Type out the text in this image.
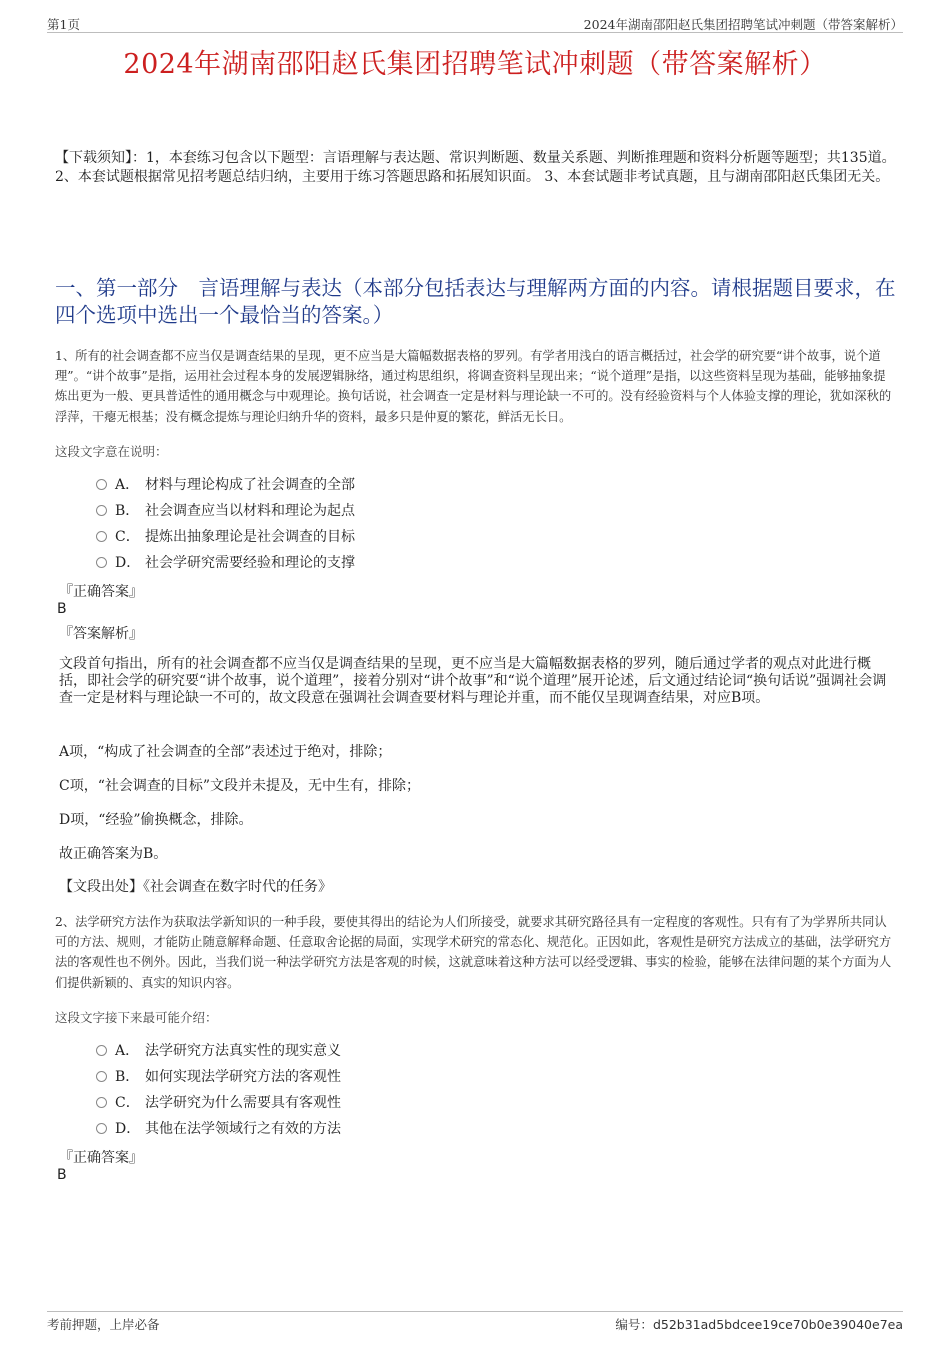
第1页	2024年湖南邵阳赵氏集团招聘笔试冲刺题（带答案解析）
2024年湖南邵阳赵氏集团招聘笔试冲刺题（带答案解析）
【下载须知】：1，本套练习包含以下题型：言语理解与表达题、常识判断题、数量关系题、判断推理题和资料分析题等题型；共135道。 2、本套试题根据常见招考题总结归纳，主要用于练习答题思路和拓展知识面。 3、本套试题非考试真题，且与湖南邵阳赵氏集团无关。
一、第一部分　言语理解与表达（本部分包括表达与理解两方面的内容。请根据题目要求，在四个选项中选出一个最恰当的答案。）
1、所有的社会调查都不应当仅是调查结果的呈现，更不应当是大篇幅数据表格的罗列。有学者用浅白的语言概括过，社会学的研究要“讲个故事，说个道理”。“讲个故事”是指，运用社会过程本身的发展逻辑脉络，通过构思组织，将调查资料呈现出来；“说个道理”是指，以这些资料呈现为基础，能够抽象提炼出更为一般、更具普适性的通用概念与中观理论。换句话说，社会调查一定是材料与理论缺一不可的。没有经验资料与个人体验支撑的理论，犹如深秋的浮萍，干瘪无根基；没有概念提炼与理论归纳升华的资料，最多只是仲夏的繁花，鲜活无长日。
这段文字意在说明：
A． 材料与理论构成了社会调查的全部
B． 社会调查应当以材料和理论为起点
C． 提炼出抽象理论是社会调查的目标
D． 社会学研究需要经验和理论的支撑
『正确答案』
B
『答案解析』
文段首句指出，所有的社会调查都不应当仅是调查结果的呈现，更不应当是大篇幅数据表格的罗列，随后通过学者的观点对此进行概括，即社会学的研究要“讲个故事，说个道理”，接着分别对“讲个故事”和“说个道理”展开论述，后文通过结论词“换句话说”强调社会调查一定是材料与理论缺一不可的，故文段意在强调社会调查要材料与理论并重，而不能仅呈现调查结果，对应B项。
A项，“构成了社会调查的全部”表述过于绝对，排除；
C项，“社会调查的目标”文段并未提及，无中生有，排除；
D项，“经验”偷换概念，排除。
故正确答案为B。
【文段出处】《社会调查在数字时代的任务》
2、法学研究方法作为获取法学新知识的一种手段，要使其得出的结论为人们所接受，就要求其研究路径具有一定程度的客观性。只有有了为学界所共同认可的方法、规则，才能防止随意解释命题、任意取舍论据的局面，实现学术研究的常态化、规范化。正因如此，客观性是研究方法成立的基础，法学研究方法的客观性也不例外。因此，当我们说一种法学研究方法是客观的时候，这就意味着这种方法可以经受逻辑、事实的检验，能够在法律问题的某个方面为人们提供新颖的、真实的知识内容。
这段文字接下来最可能介绍：
A． 法学研究方法真实性的现实意义
B． 如何实现法学研究方法的客观性
C． 法学研究为什么需要具有客观性
D． 其他在法学领域行之有效的方法
『正确答案』
B
考前押题，上岸必备	编号：d52b31ad5bdcee19ce70b0e39040e7ea
